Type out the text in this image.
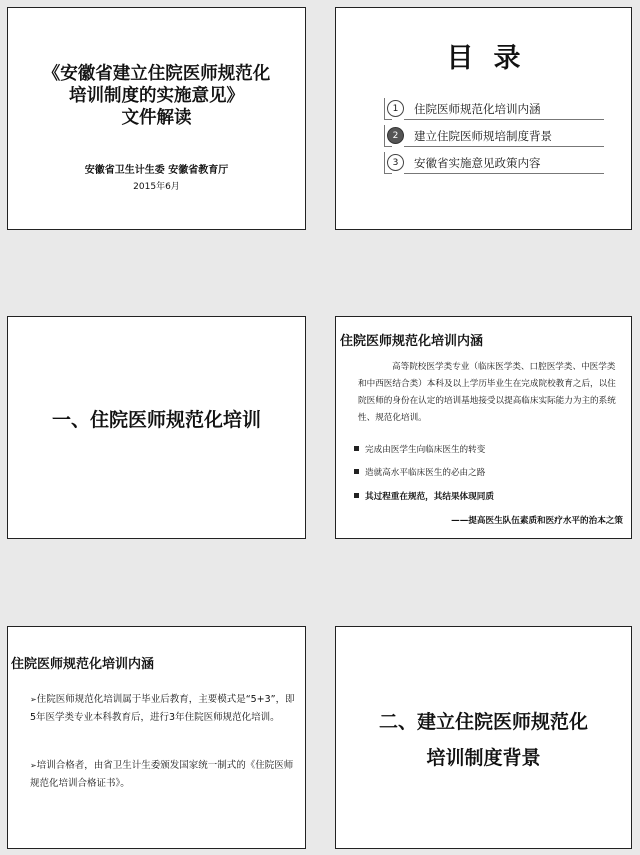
《安徽省建立住院医师规范化
培训制度的实施意见》
文件解读
安徽省卫生计生委 安徽省教育厅
2015年6月
目录
1	住院医师规范化培训内涵
2	建立住院医师规培制度背景
3	安徽省实施意见政策内容
一、住院医师规范化培训
住院医师规范化培训内涵
高等院校医学类专业（临床医学类、口腔医学类、中医学类和中西医结合类）本科及以上学历毕业生在完成院校教育之后，以住院医师的身份在认定的培训基地接受以提高临床实际能力为主的系统性、规范化培训。
完成由医学生向临床医生的转变
造就高水平临床医生的必由之路
其过程重在规范，其结果体现同质
——提高医生队伍素质和医疗水平的治本之策
住院医师规范化培训内涵
➢住院医师规范化培训属于毕业后教育，主要模式是“5+3”，即5年医学类专业本科教育后，进行3年住院医师规范化培训。
➢培训合格者，由省卫生计生委颁发国家统一制式的《住院医师规范化培训合格证书》。
二、建立住院医师规范化
培训制度背景
